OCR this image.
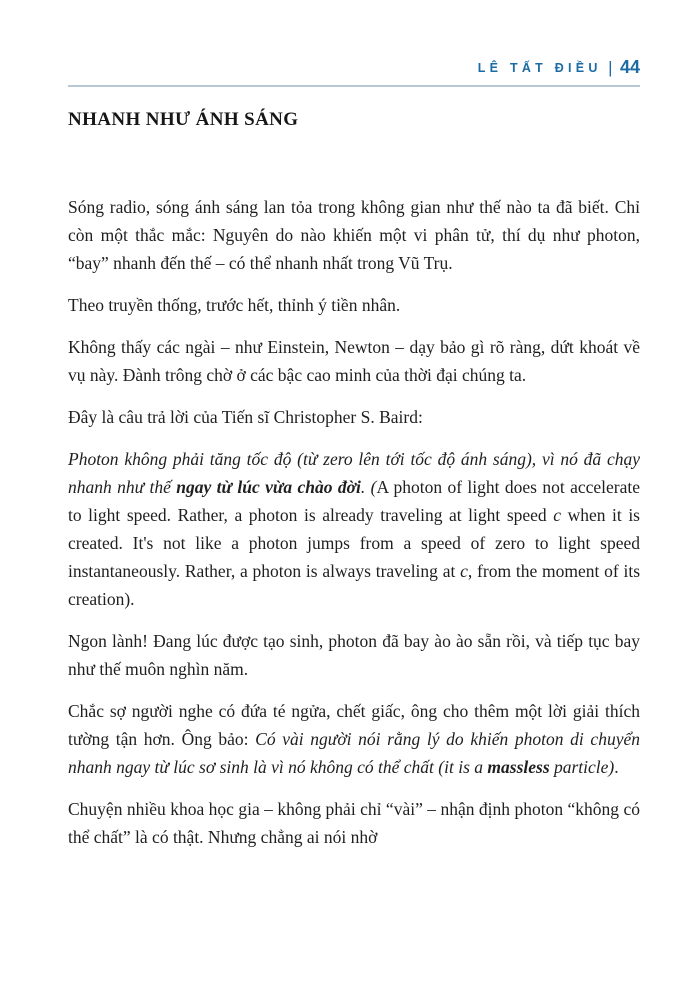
LÊ TẤT ĐIỀU | 44
NHANH NHƯ ÁNH SÁNG

Sóng radio, sóng ánh sáng lan tỏa trong không gian như thế nào ta đã biết. Chỉ còn một thắc mắc: Nguyên do nào khiến một vi phân tử, thí dụ như photon, “bay” nhanh đến thế – có thể nhanh nhất trong Vũ Trụ.

Theo truyền thống, trước hết, thỉnh ý tiền nhân.

Không thấy các ngài – như Einstein, Newton – dạy bảo gì rõ ràng, dứt khoát về vụ này. Đành trông chờ ở các bậc cao minh của thời đại chúng ta.

Đây là câu trả lời của Tiến sĩ Christopher S. Baird:

Photon không phải tăng tốc độ (từ zero lên tới tốc độ ánh sáng), vì nó đã chạy nhanh như thế ngay từ lúc vừa chào đời. (A photon of light does not accelerate to light speed. Rather, a photon is already traveling at light speed c when it is created. It's not like a photon jumps from a speed of zero to light speed instantaneously. Rather, a photon is always traveling at c, from the moment of its creation).

Ngon lành! Đang lúc được tạo sinh, photon đã bay ào ào sẵn rồi, và tiếp tục bay như thế muôn nghìn năm.

Chắc sợ người nghe có đứa té ngửa, chết giấc, ông cho thêm một lời giải thích tường tận hơn. Ông bảo: Có vài người nói rằng lý do khiến photon di chuyển nhanh ngay từ lúc sơ sinh là vì nó không có thể chất (it is a massless particle).

Chuyện nhiều khoa học gia – không phải chỉ “vài” – nhận định photon “không có thể chất” là có thật. Nhưng chẳng ai nói nhờ
